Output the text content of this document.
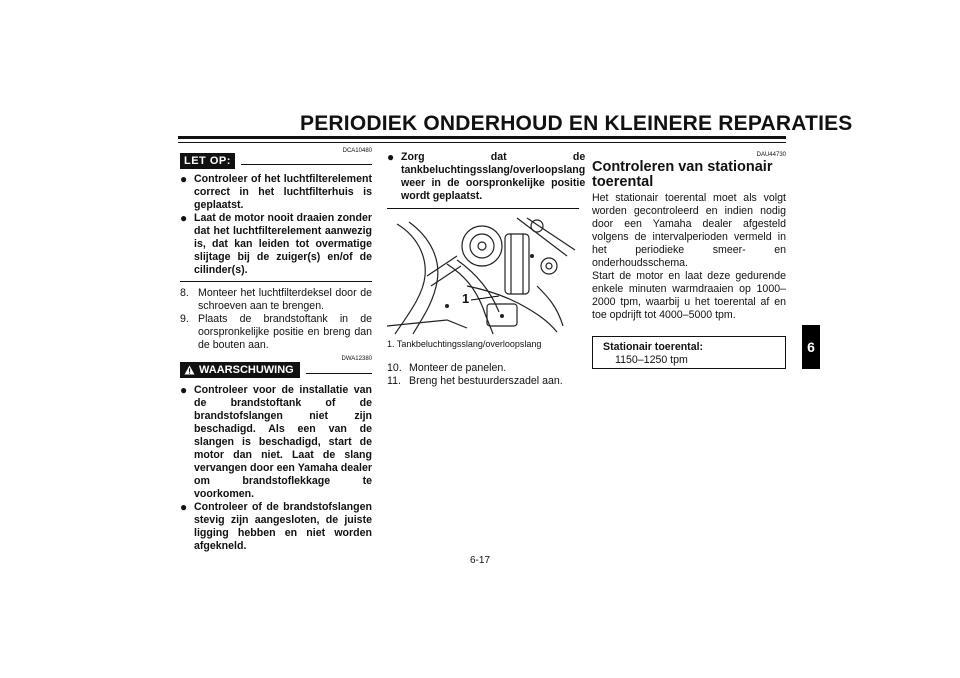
PERIODIEK ONDERHOUD EN KLEINERE REPARATIES
6
DCA10480
LET OP:
● Controleer of het luchtfilterelement correct in het luchtfilterhuis is geplaatst.
● Laat de motor nooit draaien zonder dat het luchtfilterelement aanwezig is, dat kan leiden tot overmatige slijtage bij de zuiger(s) en/of de cilinder(s).
8. Monteer het luchtfilterdeksel door de schroeven aan te brengen.
9. Plaats de brandstoftank in de oorspronkelijke positie en breng dan de bouten aan.
DWA12380
WAARSCHUWING
● Controleer voor de installatie van de brandstoftank of de brandstofslangen niet zijn beschadigd. Als een van de slangen is beschadigd, start de motor dan niet. Laat de slang vervangen door een Yamaha dealer om brandstoflekkage te voorkomen.
● Controleer of de brandstofslangen stevig zijn aangesloten, de juiste ligging hebben en niet worden afgekneld.
● Zorg dat de tankbeluchtingsslang/overloopslang weer in de oorspronkelijke positie wordt geplaatst.
1
1. Tankbeluchtingsslang/overloopslang
10. Monteer de panelen.
11. Breng het bestuurderszadel aan.
DAU44730
Controleren van stationair toerental
Het stationair toerental moet als volgt worden gecontroleerd en indien nodig door een Yamaha dealer afgesteld volgens de intervalperioden vermeld in het periodieke smeer- en onderhoudsschema.
Start de motor en laat deze gedurende enkele minuten warmdraaien op 1000–2000 tpm, waarbij u het toerental af en toe opdrijft tot 4000–5000 tpm.
Stationair toerental:
1150–1250 tpm
6-17
